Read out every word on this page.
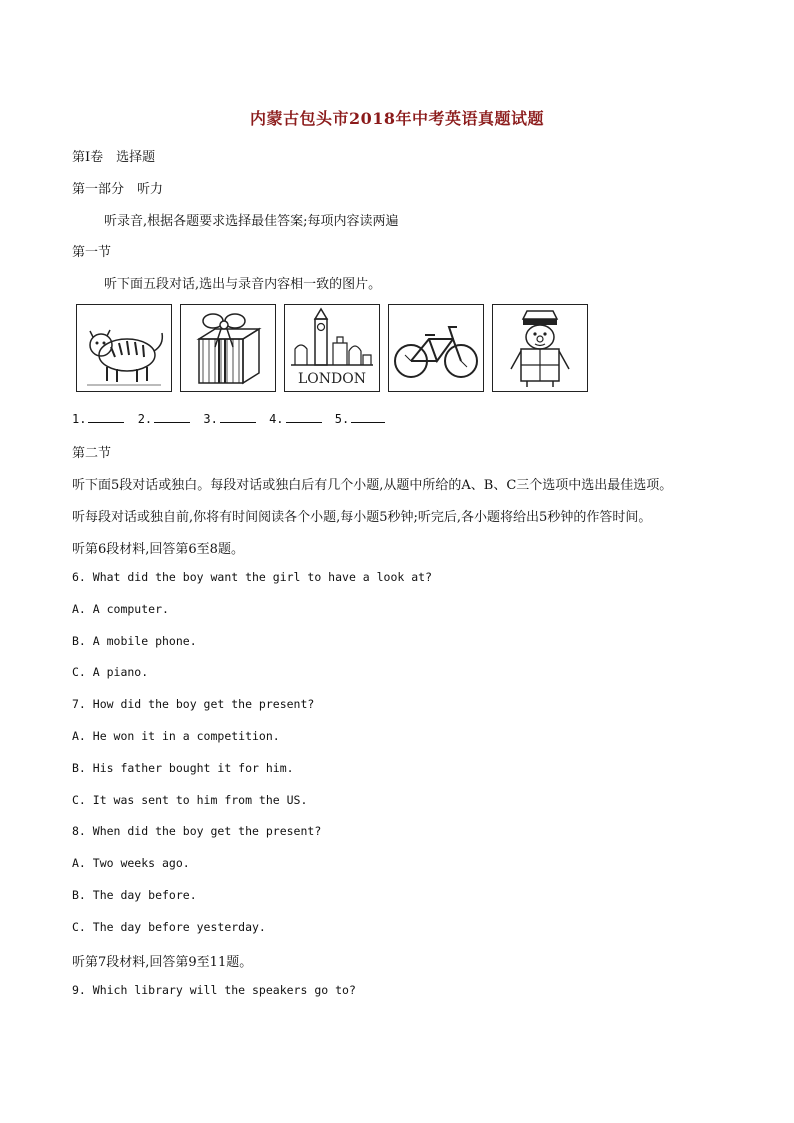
内蒙古包头市2018年中考英语真题试题
第Ⅰ卷　选择题
第一部分　听力
听录音,根据各题要求选择最佳答案;每项内容读两遍
第一节
听下面五段对话,选出与录音内容相一致的图片。
LONDON
1.	2.	3.	4.	5.
第二节
听下面5段对话或独白。每段对话或独白后有几个小题,从题中所给的A、B、C三个选项中选出最佳选项。
听每段对话或独自前,你将有时间阅读各个小题,每小题5秒钟;听完后,各小题将给出5秒钟的作答时间。
听第6段材料,回答第6至8题。
6. What did the boy want the girl to have a look at?
A. A computer.
B. A mobile phone.
C. A piano.
7. How did the boy get the present?
A. He won it in a competition.
B. His father bought it for him.
C. It was sent to him from the US.
8. When did the boy get the present?
A. Two weeks ago.
B. The day before.
C. The day before yesterday.
听第7段材料,回答第9至11题。
9. Which library will the speakers go to?
